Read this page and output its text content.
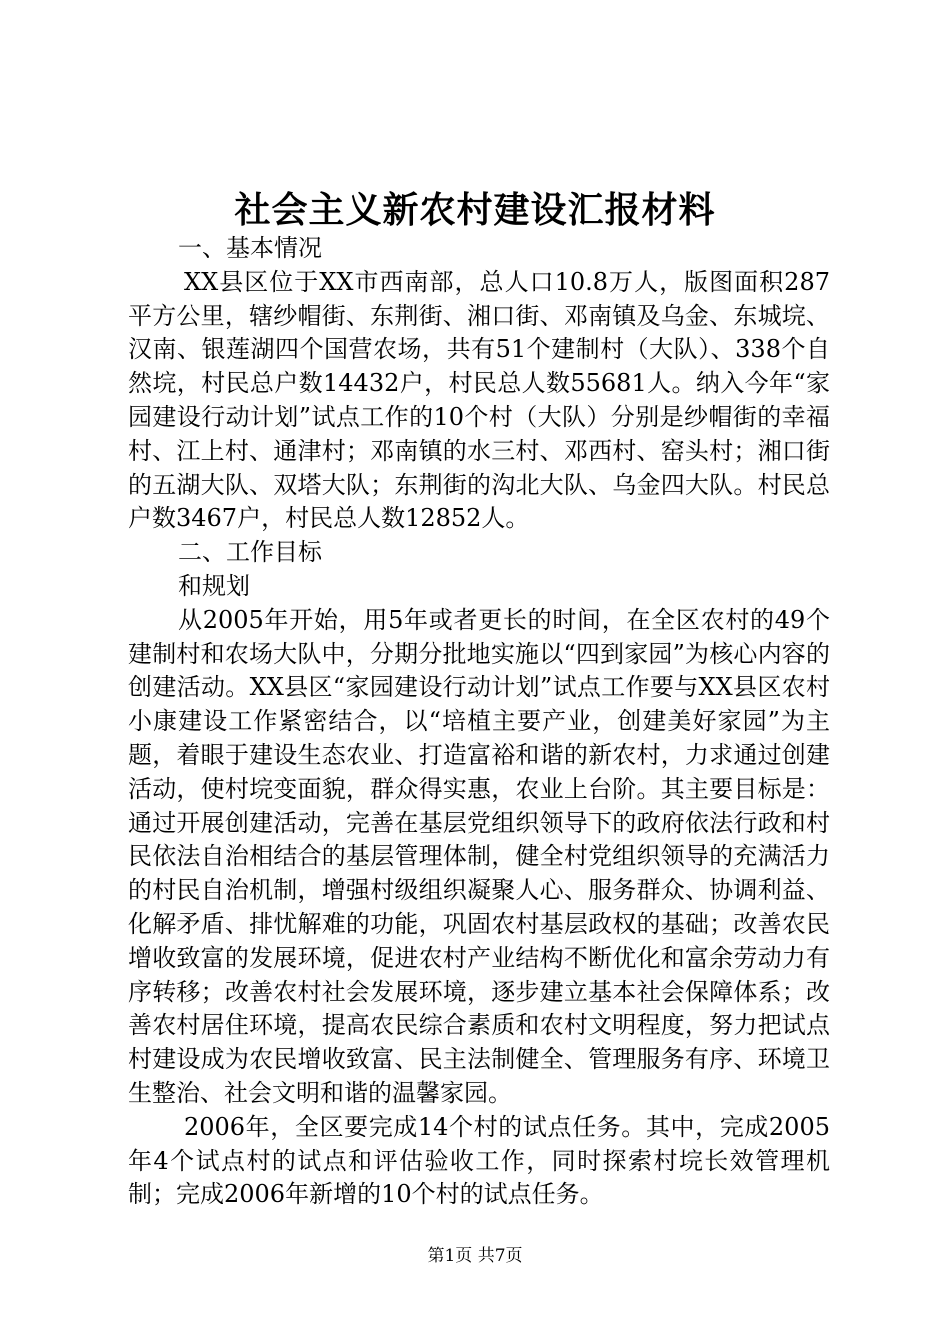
社会主义新农村建设汇报材料

一、基本情况

XX县区位于XX市西南部，总人口10.8万人，版图面积287平方公里，辖纱帽街、东荆街、湘口街、邓南镇及乌金、东城垸、汉南、银莲湖四个国营农场，共有51个建制村（大队）、338个自然垸，村民总户数14432户，村民总人数55681人。纳入今年“家园建设行动计划”试点工作的10个村（大队）分别是纱帽街的幸福村、江上村、通津村；邓南镇的水三村、邓西村、窑头村；湘口街的五湖大队、双塔大队；东荆街的沟北大队、乌金四大队。村民总户数3467户，村民总人数12852人。

二、工作目标

和规划

从2005年开始，用5年或者更长的时间，在全区农村的49个建制村和农场大队中，分期分批地实施以“四到家园”为核心内容的创建活动。XX县区“家园建设行动计划”试点工作要与XX县区农村小康建设工作紧密结合，以“培植主要产业，创建美好家园”为主题，着眼于建设生态农业、打造富裕和谐的新农村，力求通过创建活动，使村垸变面貌，群众得实惠，农业上台阶。其主要目标是：通过开展创建活动，完善在基层党组织领导下的政府依法行政和村民依法自治相结合的基层管理体制，健全村党组织领导的充满活力的村民自治机制，增强村级组织凝聚人心、服务群众、协调利益、化解矛盾、排忧解难的功能，巩固农村基层政权的基础；改善农民增收致富的发展环境，促进农村产业结构不断优化和富余劳动力有序转移；改善农村社会发展环境，逐步建立基本社会保障体系；改善农村居住环境，提高农民综合素质和农村文明程度，努力把试点村建设成为农民增收致富、民主法制健全、管理服务有序、环境卫生整治、社会文明和谐的温馨家园。

2006年，全区要完成14个村的试点任务。其中，完成2005年4个试点村的试点和评估验收工作，同时探索村垸长效管理机制；完成2006年新增的10个村的试点任务。

第1页 共7页
